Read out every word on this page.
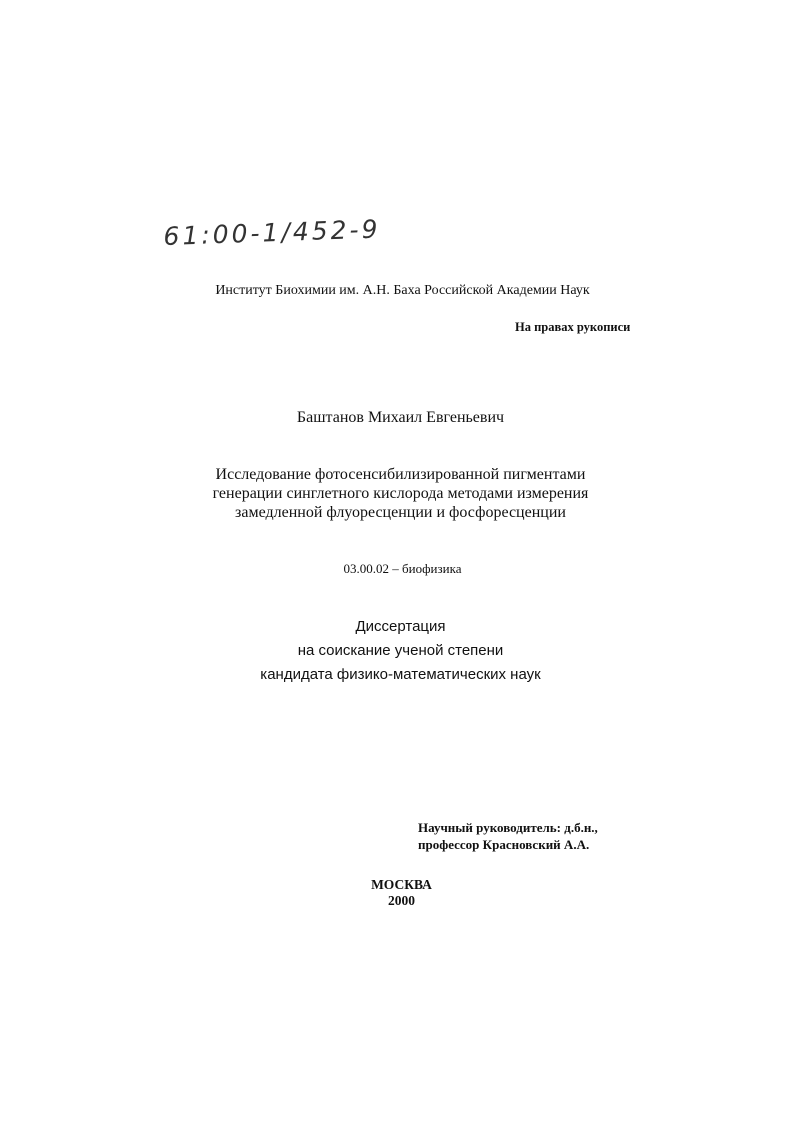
61:00-1/452-9
Институт Биохимии им. А.Н. Баха Российской Академии Наук
На правах рукописи
Баштанов Михаил Евгеньевич
Исследование фотосенсибилизированной пигментами
генерации синглетного кислорода методами измерения
замедленной флуоресценции и фосфоресценции
03.00.02 – биофизика
Диссертация
на соискание ученой степени
кандидата физико-математических наук
Научный руководитель: д.б.н.,
профессор Красновский А.А.
МОСКВА
2000
